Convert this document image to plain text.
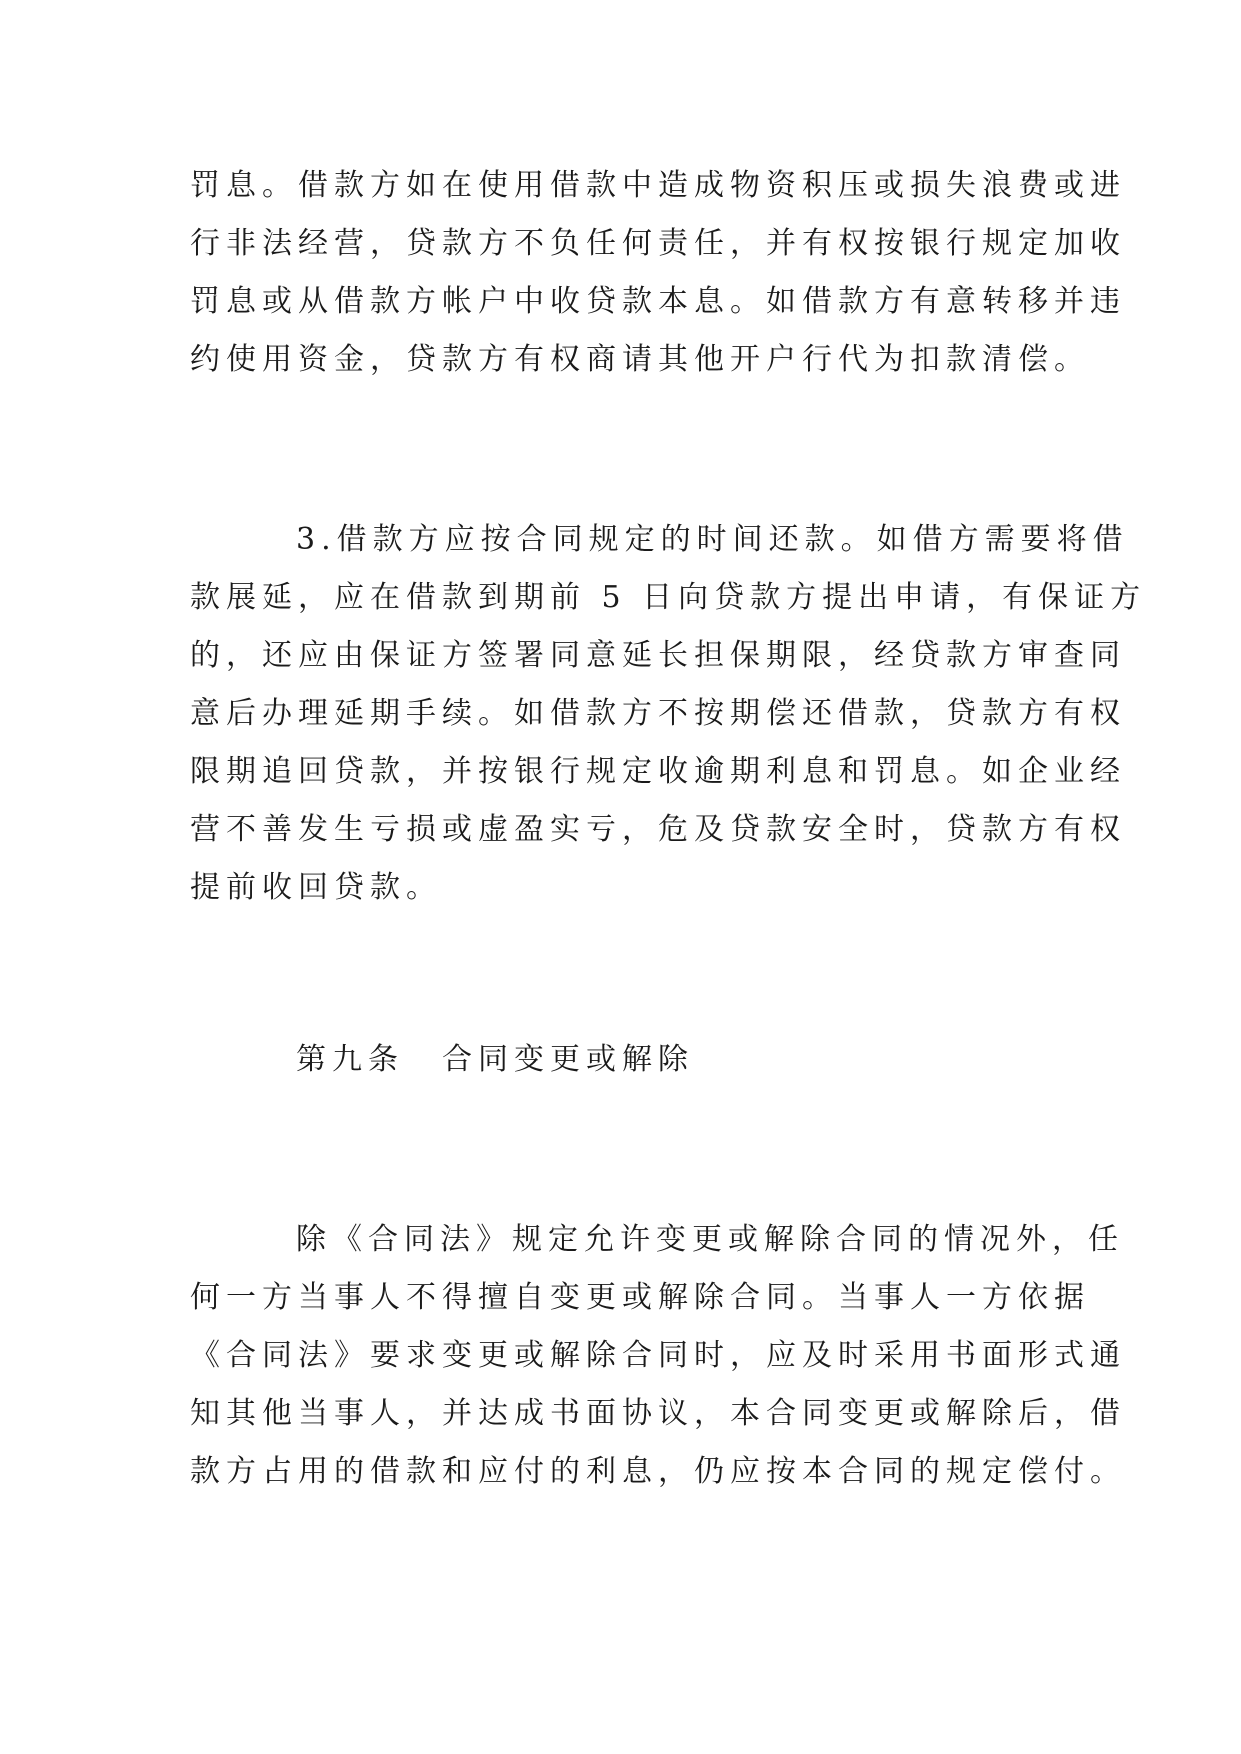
罚息。借款方如在使用借款中造成物资积压或损失浪费或进
行非法经营，贷款方不负任何责任，并有权按银行规定加收
罚息或从借款方帐户中收贷款本息。如借款方有意转移并违
约使用资金，贷款方有权商请其他开户行代为扣款清偿。
3.借款方应按合同规定的时间还款。如借方需要将借
款展延，应在借款到期前 5 日向贷款方提出申请，有保证方
的，还应由保证方签署同意延长担保期限，经贷款方审查同
意后办理延期手续。如借款方不按期偿还借款，贷款方有权
限期追回贷款，并按银行规定收逾期利息和罚息。如企业经
营不善发生亏损或虚盈实亏，危及贷款安全时，贷款方有权
提前收回贷款。
第九条 合同变更或解除
除《合同法》规定允许变更或解除合同的情况外，任
何一方当事人不得擅自变更或解除合同。当事人一方依据
《合同法》要求变更或解除合同时，应及时采用书面形式通
知其他当事人，并达成书面协议，本合同变更或解除后，借
款方占用的借款和应付的利息，仍应按本合同的规定偿付。
